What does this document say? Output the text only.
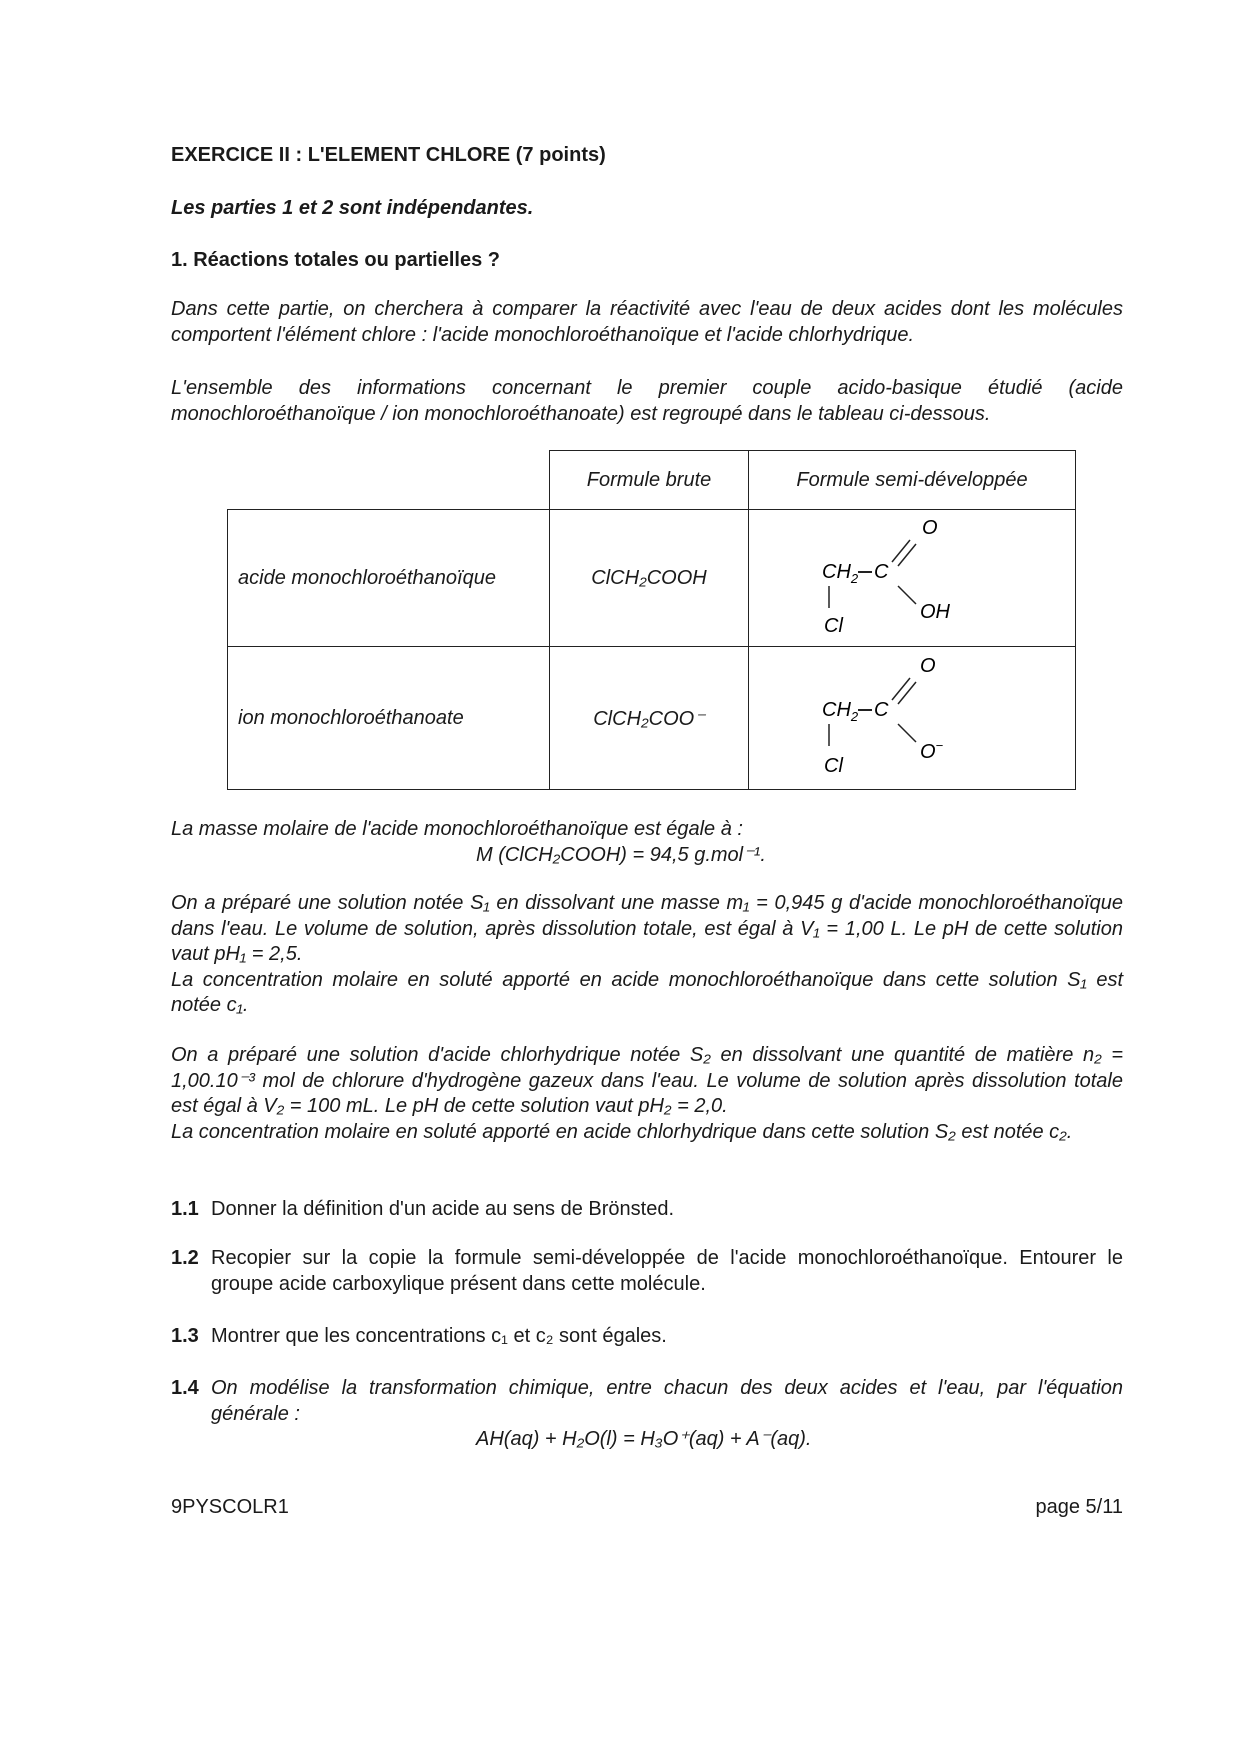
EXERCICE II : L'ELEMENT CHLORE (7 points)
Les parties 1 et 2 sont indépendantes.
1. Réactions totales ou partielles ?
Dans cette partie, on cherchera à comparer la réactivité avec l'eau de deux acides dont les molécules comportent l'élément chlore : l'acide monochloroéthanoïque et l'acide chlorhydrique.
L'ensemble des informations concernant le premier couple acido-basique étudié (acide monochloroéthanoïque / ion monochloroéthanoate) est regroupé dans le tableau ci-dessous.
	Formule brute	Formule semi-développée
acide monochloroéthanoïque	ClCH₂COOH	$CH_2$ C
O
OH
Cl

ion monochloroéthanoate	ClCH₂COO⁻	$CH_2$ C
O
O−
Cl
La masse molaire de l'acide monochloroéthanoïque est égale à :
M (ClCH₂COOH) = 94,5 g.mol⁻¹.
On a préparé une solution notée S₁ en dissolvant une masse m₁ = 0,945 g d'acide monochloroéthanoïque dans l'eau. Le volume de solution, après dissolution totale, est égal à V₁ = 1,00 L. Le pH de cette solution vaut pH₁ = 2,5.
La concentration molaire en soluté apporté en acide monochloroéthanoïque dans cette solution S₁ est notée c₁.
On a préparé une solution d'acide chlorhydrique notée S₂ en dissolvant une quantité de matière n₂ = 1,00.10⁻³ mol de chlorure d'hydrogène gazeux dans l'eau. Le volume de solution après dissolution totale est égal à V₂ = 100 mL. Le pH de cette solution vaut pH₂ = 2,0.
La concentration molaire en soluté apporté en acide chlorhydrique dans cette solution S₂ est notée c₂.
1.1 Donner la définition d'un acide au sens de Brönsted.
1.2 Recopier sur la copie la formule semi-développée de l'acide monochloroéthanoïque. Entourer le groupe acide carboxylique présent dans cette molécule.
1.3 Montrer que les concentrations c₁ et c₂ sont égales.
1.4 On modélise la transformation chimique, entre chacun des deux acides et l'eau, par l'équation générale :
AH(aq) + H₂O(l) = H₃O⁺(aq) + A⁻(aq).
9PYSCOLR1	page 5/11
